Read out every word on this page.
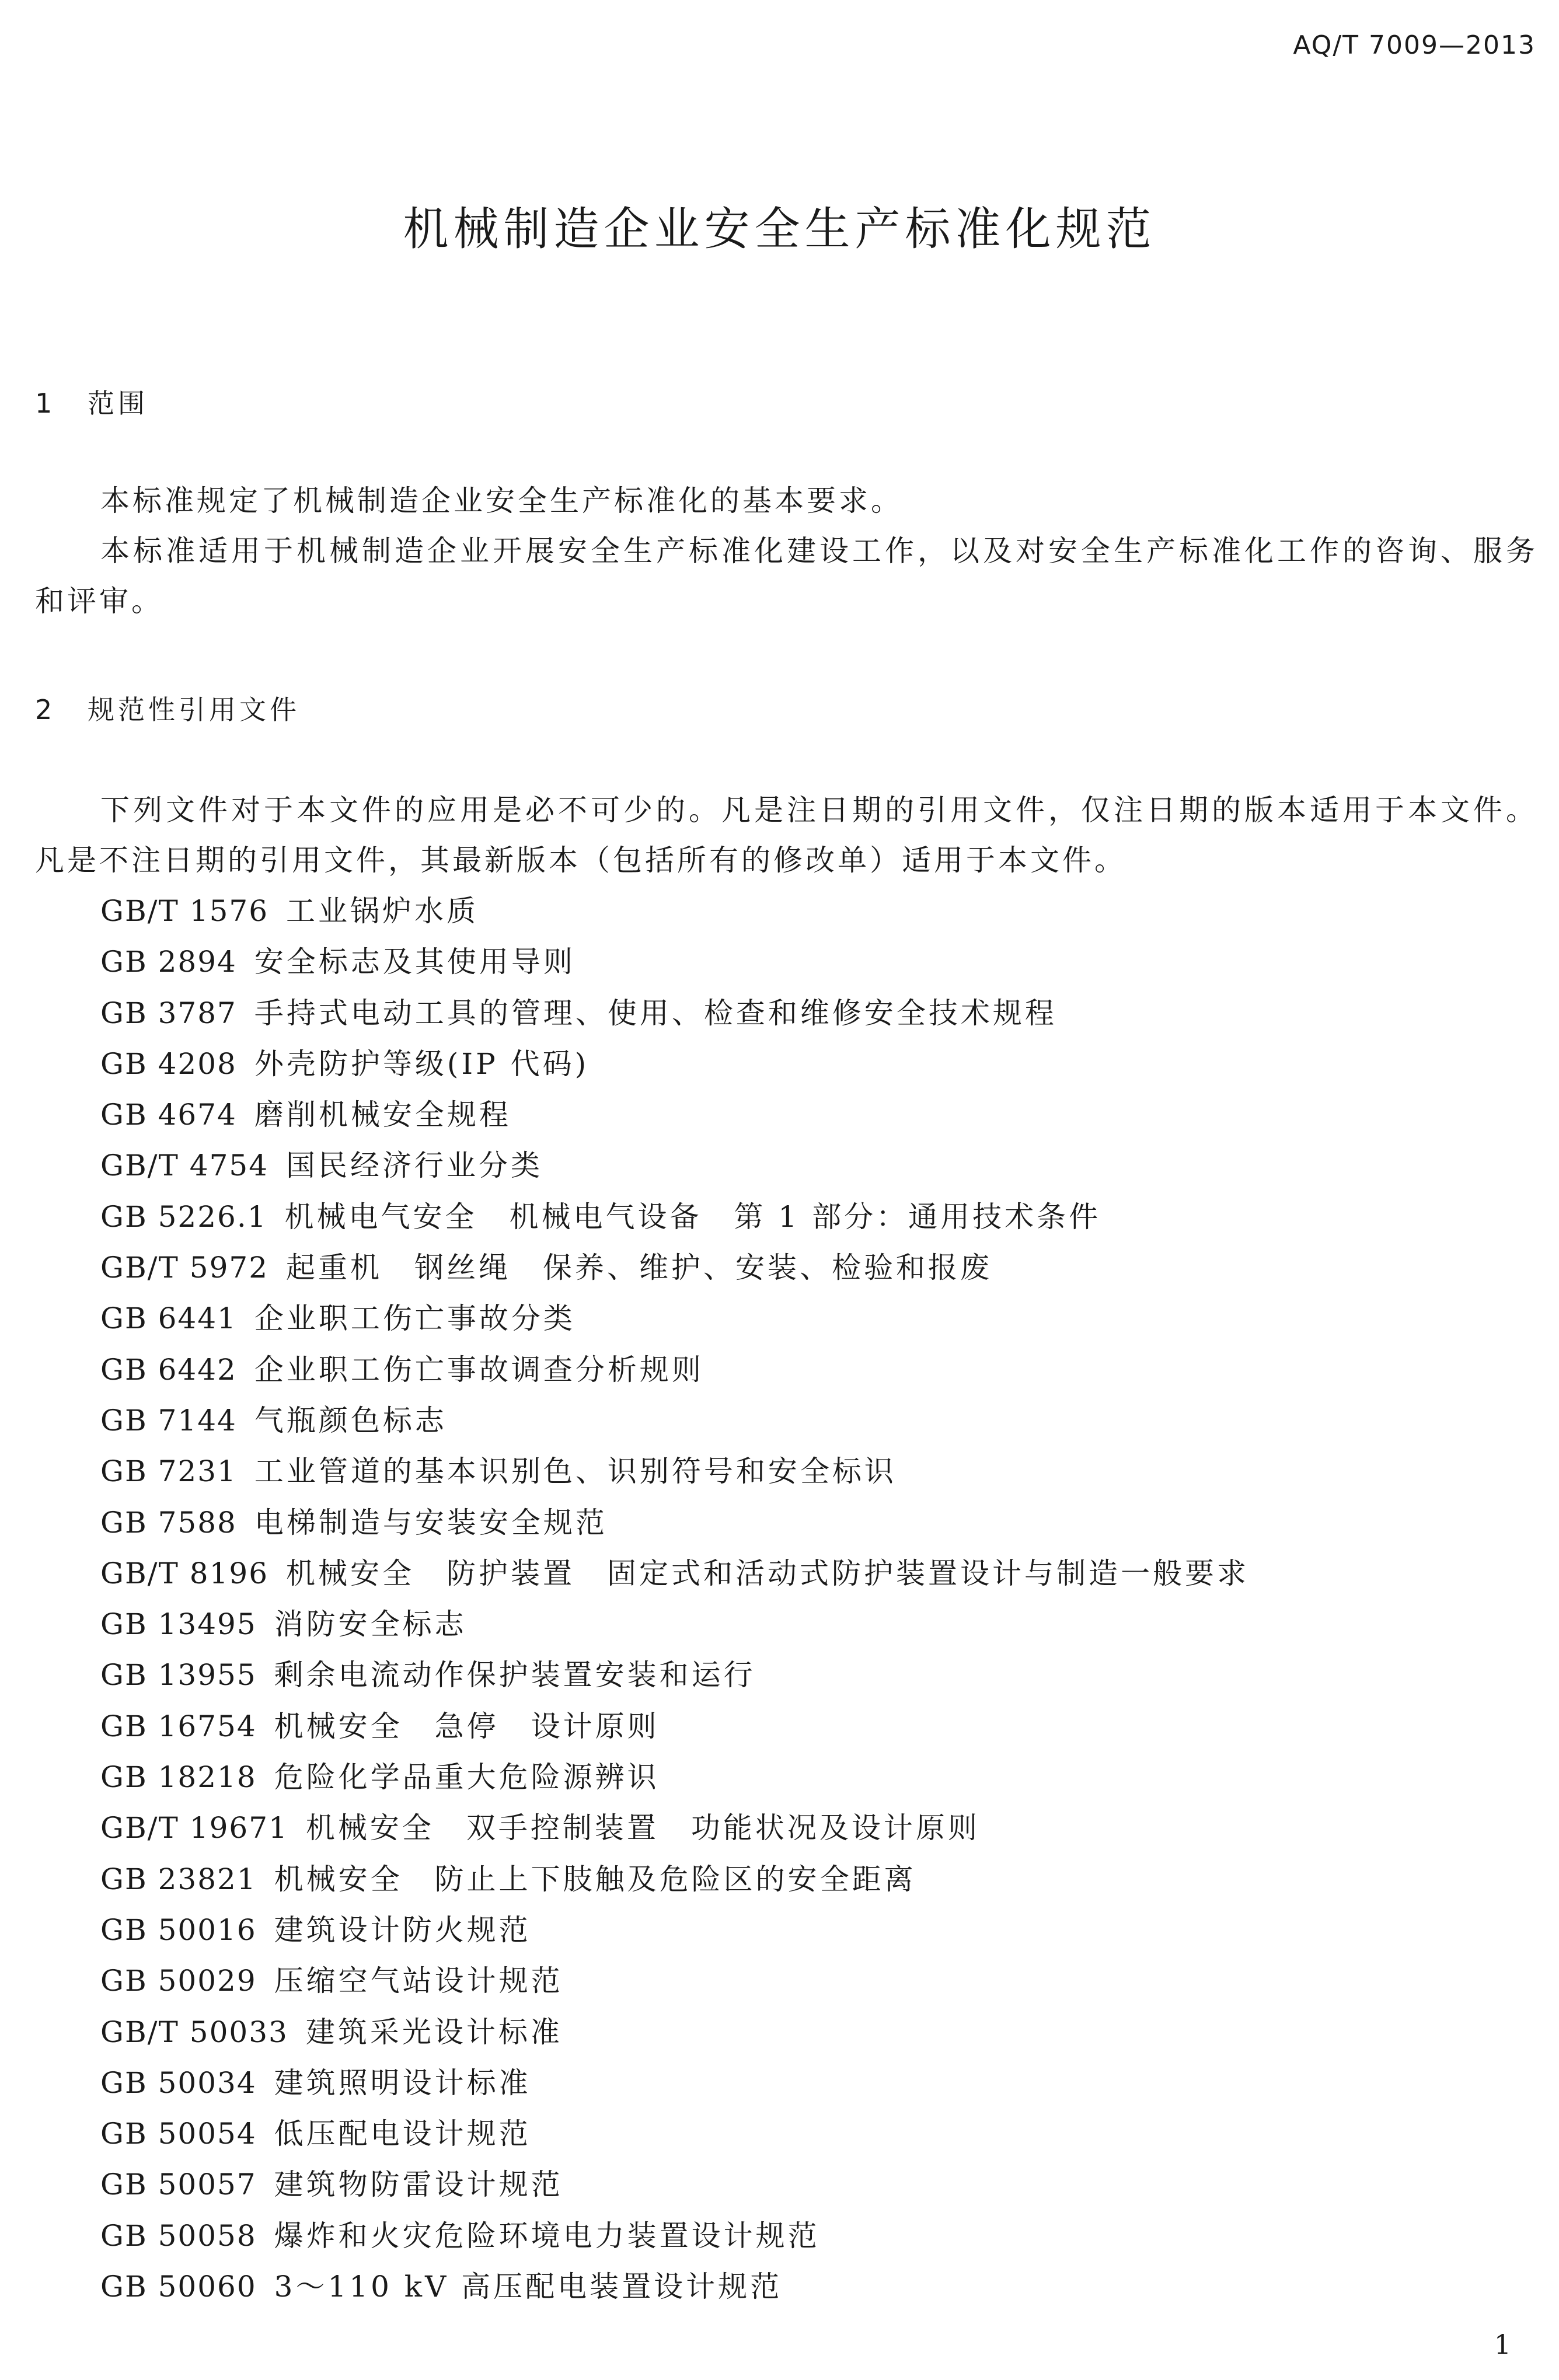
AQ/T 7009—2013
机械制造企业安全生产标准化规范
1 范围
本标准规定了机械制造企业安全生产标准化的基本要求。
本标准适用于机械制造企业开展安全生产标准化建设工作，以及对安全生产标准化工作的咨询、服务和评审。
2 规范性引用文件
下列文件对于本文件的应用是必不可少的。凡是注日期的引用文件，仅注日期的版本适用于本文件。凡是不注日期的引用文件，其最新版本（包括所有的修改单）适用于本文件。
GB/T 1576 工业锅炉水质
GB 2894 安全标志及其使用导则
GB 3787 手持式电动工具的管理、使用、检查和维修安全技术规程
GB 4208 外壳防护等级(IP 代码)
GB 4674 磨削机械安全规程
GB/T 4754 国民经济行业分类
GB 5226.1 机械电气安全　机械电气设备　第 1 部分：通用技术条件
GB/T 5972 起重机　钢丝绳　保养、维护、安装、检验和报废
GB 6441 企业职工伤亡事故分类
GB 6442 企业职工伤亡事故调查分析规则
GB 7144 气瓶颜色标志
GB 7231 工业管道的基本识别色、识别符号和安全标识
GB 7588 电梯制造与安装安全规范
GB/T 8196 机械安全　防护装置　固定式和活动式防护装置设计与制造一般要求
GB 13495 消防安全标志
GB 13955 剩余电流动作保护装置安装和运行
GB 16754 机械安全　急停　设计原则
GB 18218 危险化学品重大危险源辨识
GB/T 19671 机械安全　双手控制装置　功能状况及设计原则
GB 23821 机械安全　防止上下肢触及危险区的安全距离
GB 50016 建筑设计防火规范
GB 50029 压缩空气站设计规范
GB/T 50033 建筑采光设计标准
GB 50034 建筑照明设计标准
GB 50054 低压配电设计规范
GB 50057 建筑物防雷设计规范
GB 50058 爆炸和火灾危险环境电力装置设计规范
GB 50060 3～110 kV 高压配电装置设计规范
1
